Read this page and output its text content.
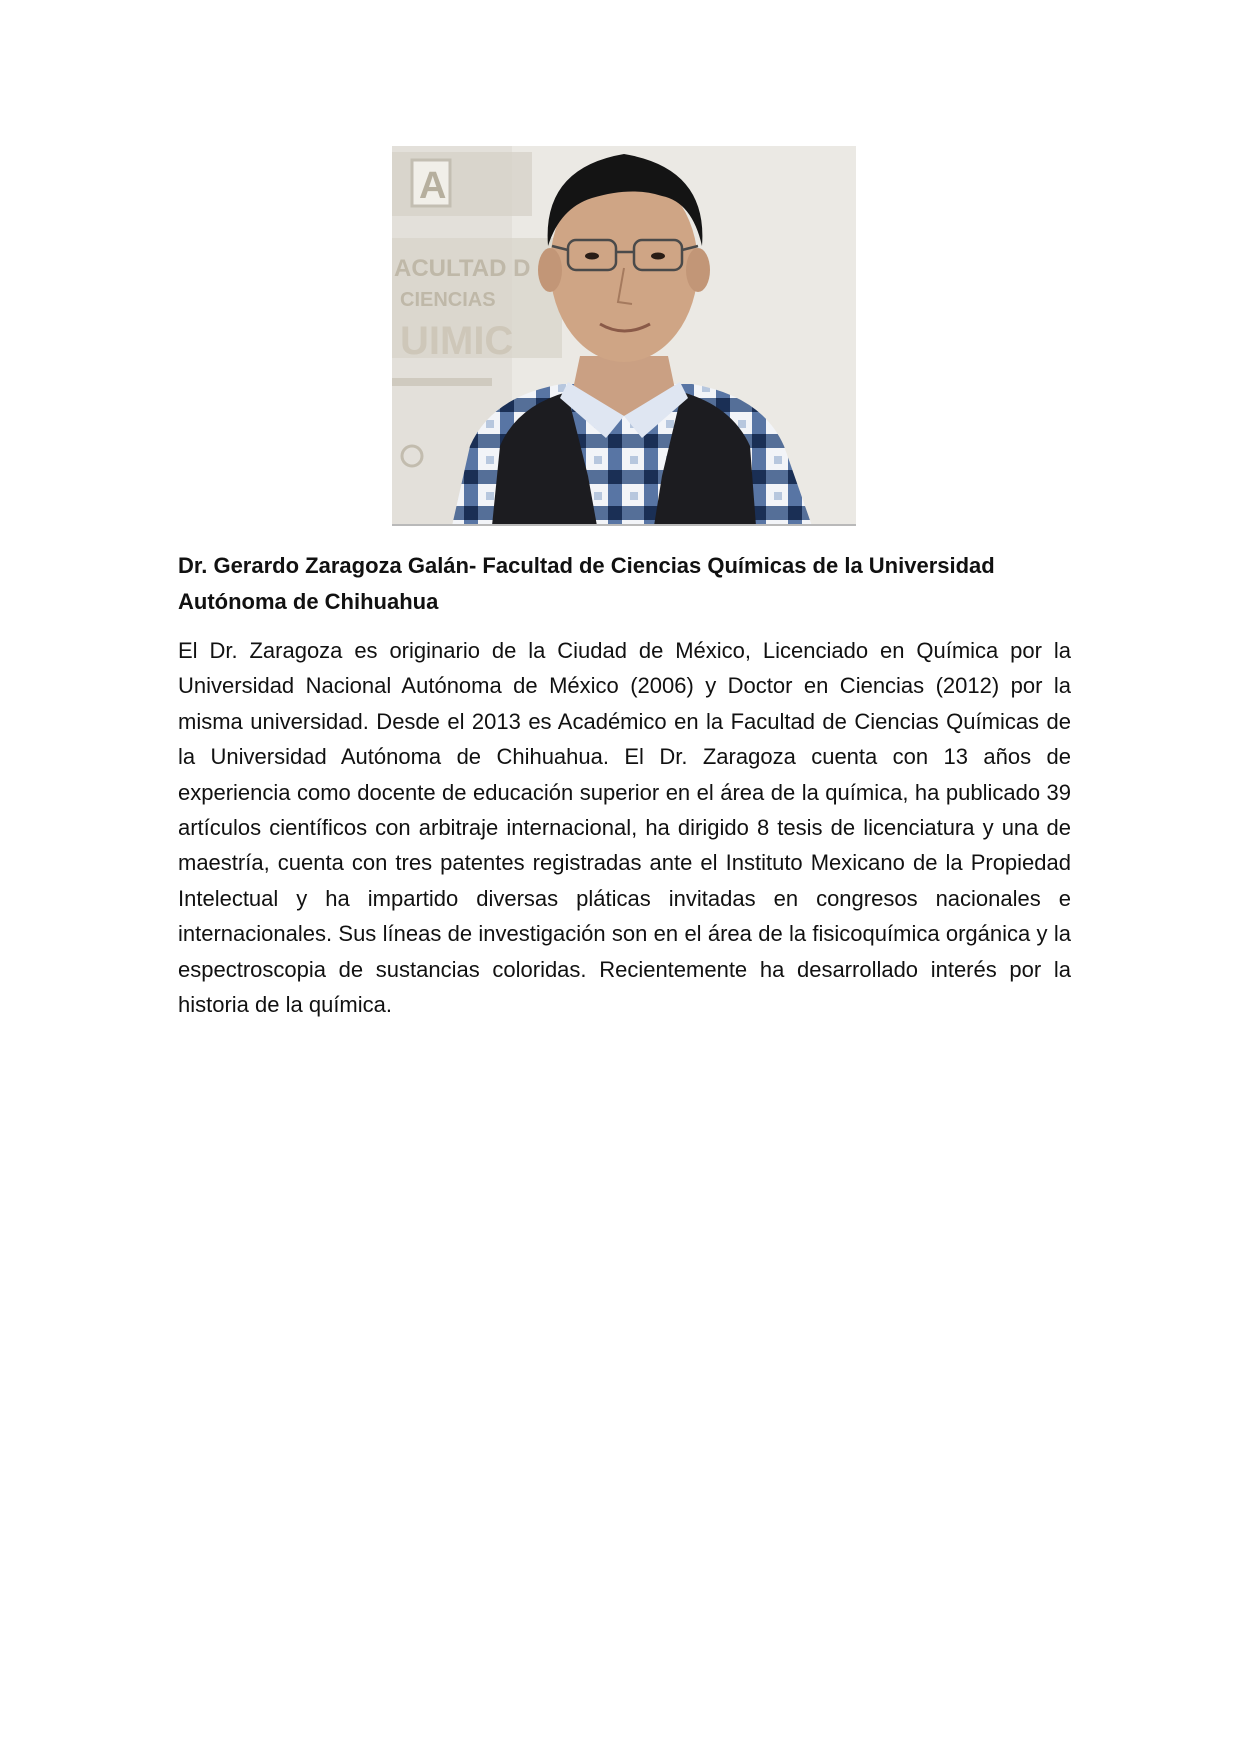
A
ACULTAD D
CIENCIAS
UIMIC
Dr. Gerardo Zaragoza Galán- Facultad de Ciencias Químicas de la Universidad Autónoma de Chihuahua

El Dr. Zaragoza es originario de la Ciudad de México, Licenciado en Química por la Universidad Nacional Autónoma de México (2006) y Doctor en Ciencias (2012) por la misma universidad. Desde el 2013 es Académico en la Facultad de Ciencias Químicas de la Universidad Autónoma de Chihuahua. El Dr. Zaragoza cuenta con 13 años de experiencia como docente de educación superior en el área de la química, ha publicado 39 artículos científicos con arbitraje internacional, ha dirigido 8 tesis de licenciatura y una de maestría, cuenta con tres patentes registradas ante el Instituto Mexicano de la Propiedad Intelectual y ha impartido diversas pláticas invitadas en congresos nacionales e internacionales. Sus líneas de investigación son en el área de la fisicoquímica orgánica y la espectroscopia de sustancias coloridas. Recientemente ha desarrollado interés por la historia de la química.
